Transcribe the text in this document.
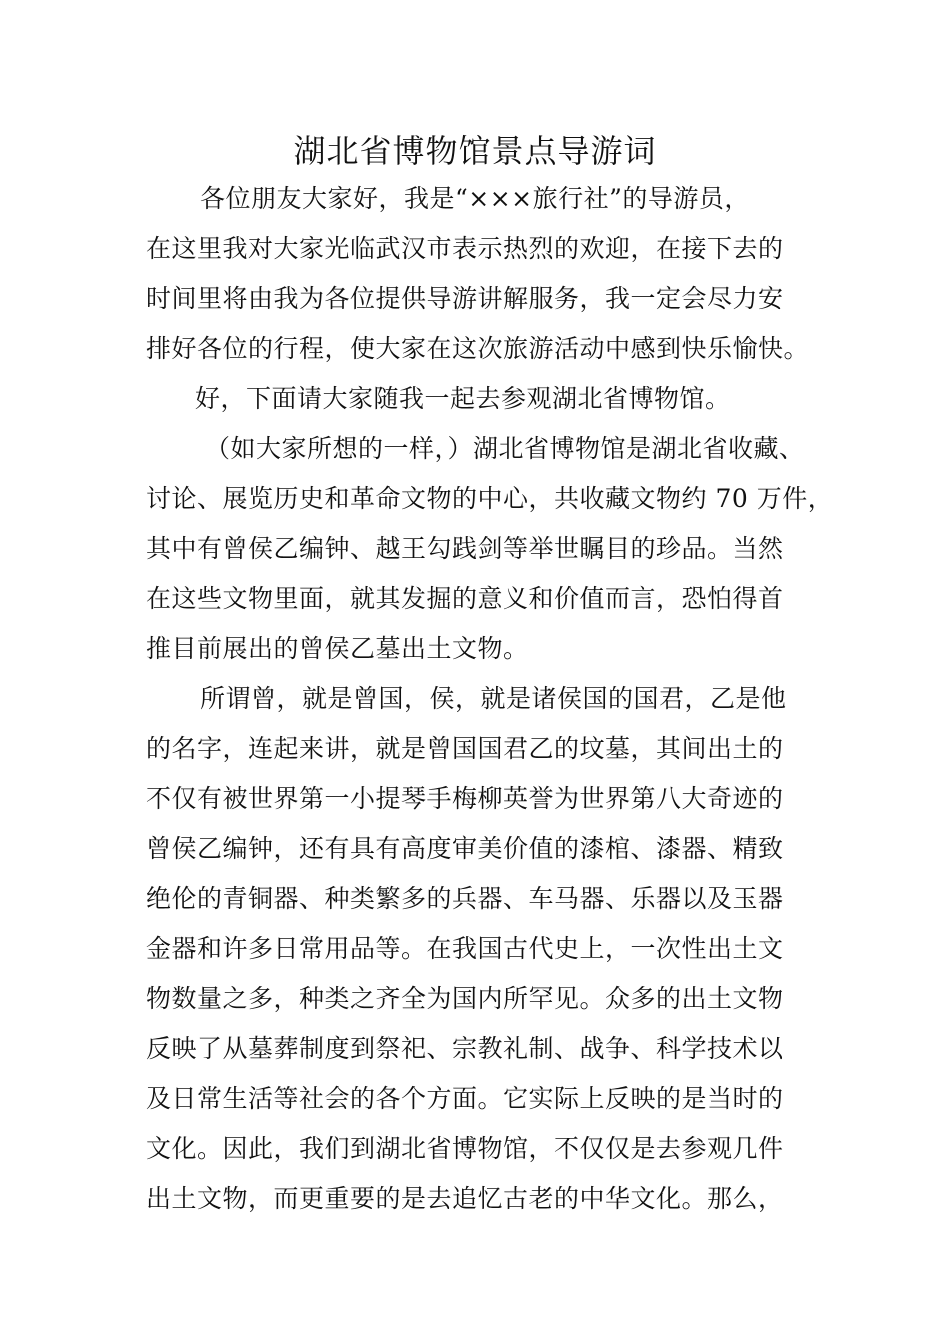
湖北省博物馆景点导游词
各位朋友大家好，我是“×××旅行社”的导游员，
在这里我对大家光临武汉市表示热烈的欢迎，在接下去的
时间里将由我为各位提供导游讲解服务，我一定会尽力安
排好各位的行程，使大家在这次旅游活动中感到快乐愉快。
好，下面请大家随我一起去参观湖北省博物馆。
（如大家所想的一样，）湖北省博物馆是湖北省收藏、
讨论、展览历史和革命文物的中心，共收藏文物约 70 万件，
其中有曾侯乙编钟、越王勾践剑等举世瞩目的珍品。当然
在这些文物里面，就其发掘的意义和价值而言，恐怕得首
推目前展出的曾侯乙墓出土文物。
所谓曾，就是曾国，侯，就是诸侯国的国君，乙是他
的名字，连起来讲，就是曾国国君乙的坟墓，其间出土的
不仅有被世界第一小提琴手梅柳英誉为世界第八大奇迹的
曾侯乙编钟，还有具有高度审美价值的漆棺、漆器、精致
绝伦的青铜器、种类繁多的兵器、车马器、乐器以及玉器
金器和许多日常用品等。在我国古代史上，一次性出土文
物数量之多，种类之齐全为国内所罕见。众多的出土文物
反映了从墓葬制度到祭祀、宗教礼制、战争、科学技术以
及日常生活等社会的各个方面。它实际上反映的是当时的
文化。因此，我们到湖北省博物馆，不仅仅是去参观几件
出土文物，而更重要的是去追忆古老的中华文化。那么，
